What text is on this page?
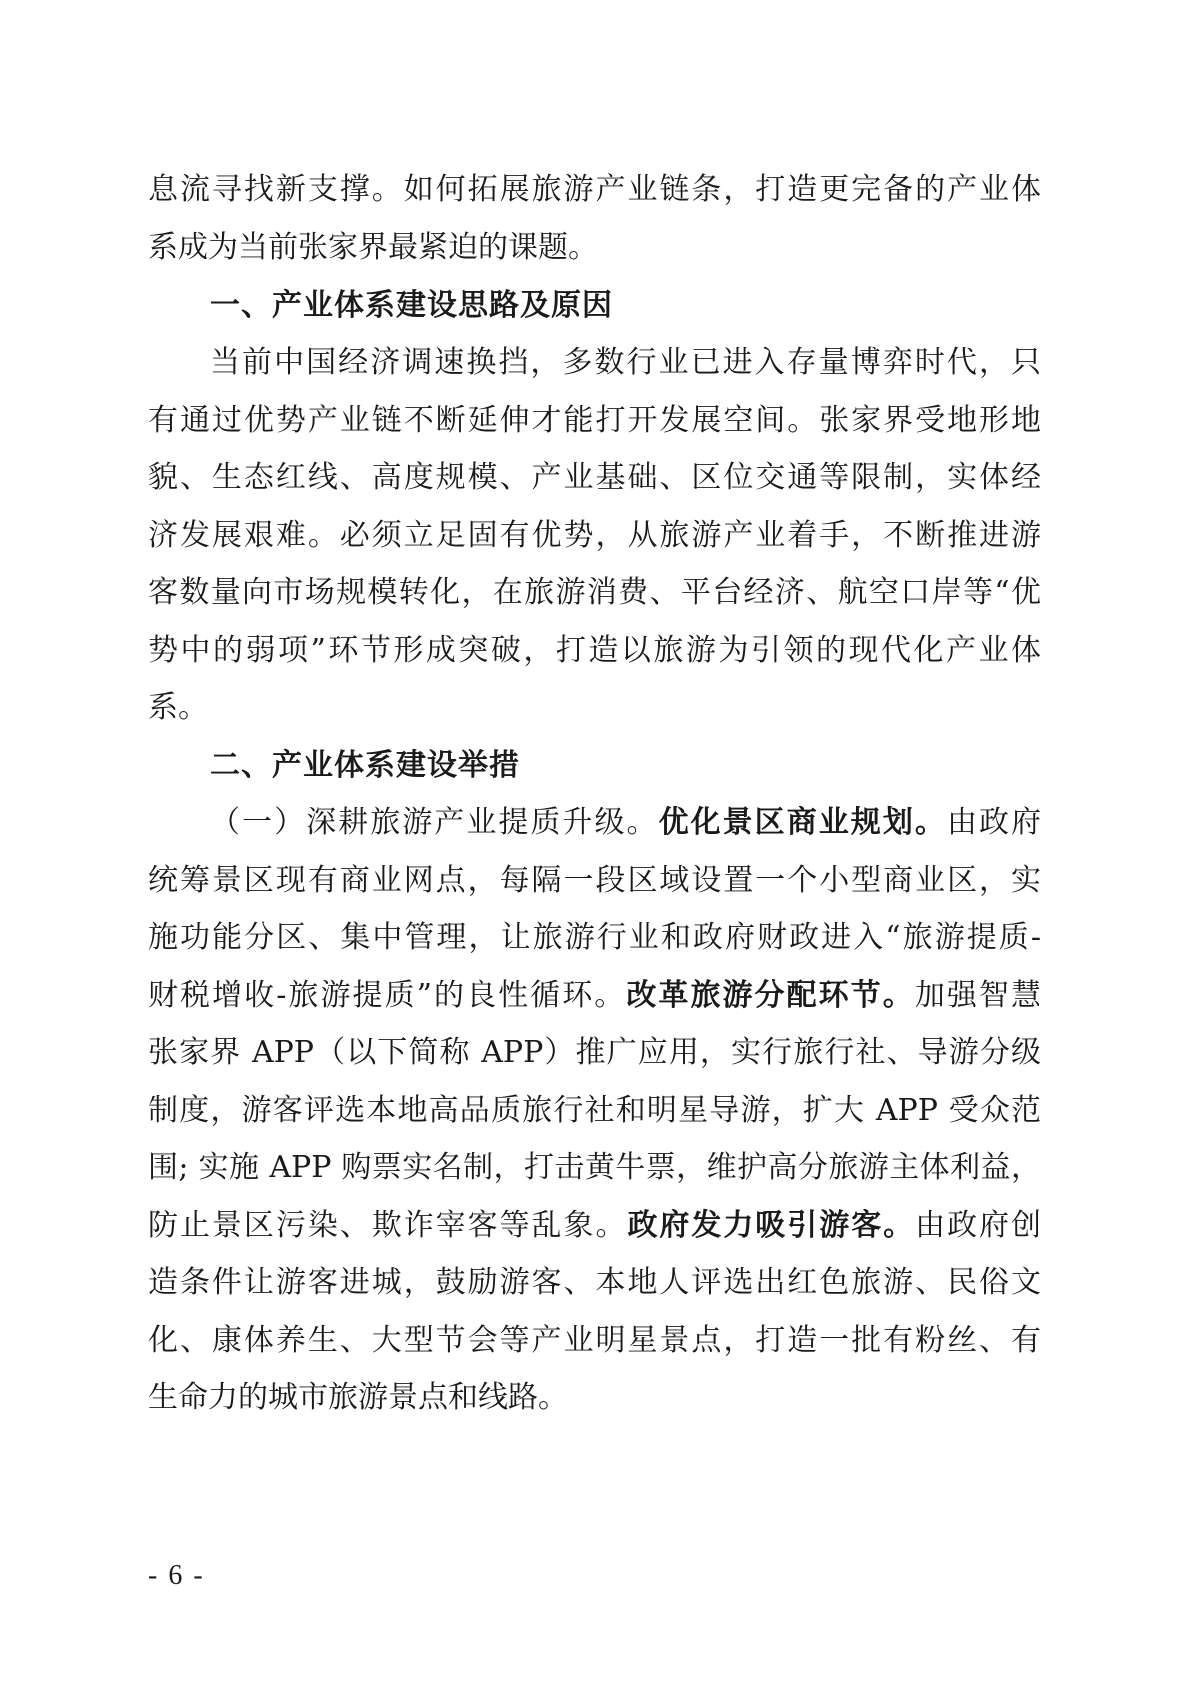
息流寻找新支撑。如何拓展旅游产业链条，打造更完备的产业体
系成为当前张家界最紧迫的课题。
一、产业体系建设思路及原因
当前中国经济调速换挡，多数行业已进入存量博弈时代，只
有通过优势产业链不断延伸才能打开发展空间。张家界受地形地
貌、生态红线、高度规模、产业基础、区位交通等限制，实体经
济发展艰难。必须立足固有优势，从旅游产业着手，不断推进游
客数量向市场规模转化，在旅游消费、平台经济、航空口岸等“优
势中的弱项”环节形成突破，打造以旅游为引领的现代化产业体
系。
二、产业体系建设举措
（一）深耕旅游产业提质升级。优化景区商业规划。由政府
统筹景区现有商业网点，每隔一段区域设置一个小型商业区，实
施功能分区、集中管理，让旅游行业和政府财政进入“旅游提质-
财税增收-旅游提质”的良性循环。改革旅游分配环节。加强智慧
张家界 APP（以下简称 APP）推广应用，实行旅行社、导游分级
制度，游客评选本地高品质旅行社和明星导游，扩大 APP 受众范
围; 实施 APP 购票实名制，打击黄牛票，维护高分旅游主体利益，
防止景区污染、欺诈宰客等乱象。政府发力吸引游客。由政府创
造条件让游客进城，鼓励游客、本地人评选出红色旅游、民俗文
化、康体养生、大型节会等产业明星景点，打造一批有粉丝、有
生命力的城市旅游景点和线路。
- 6 -
